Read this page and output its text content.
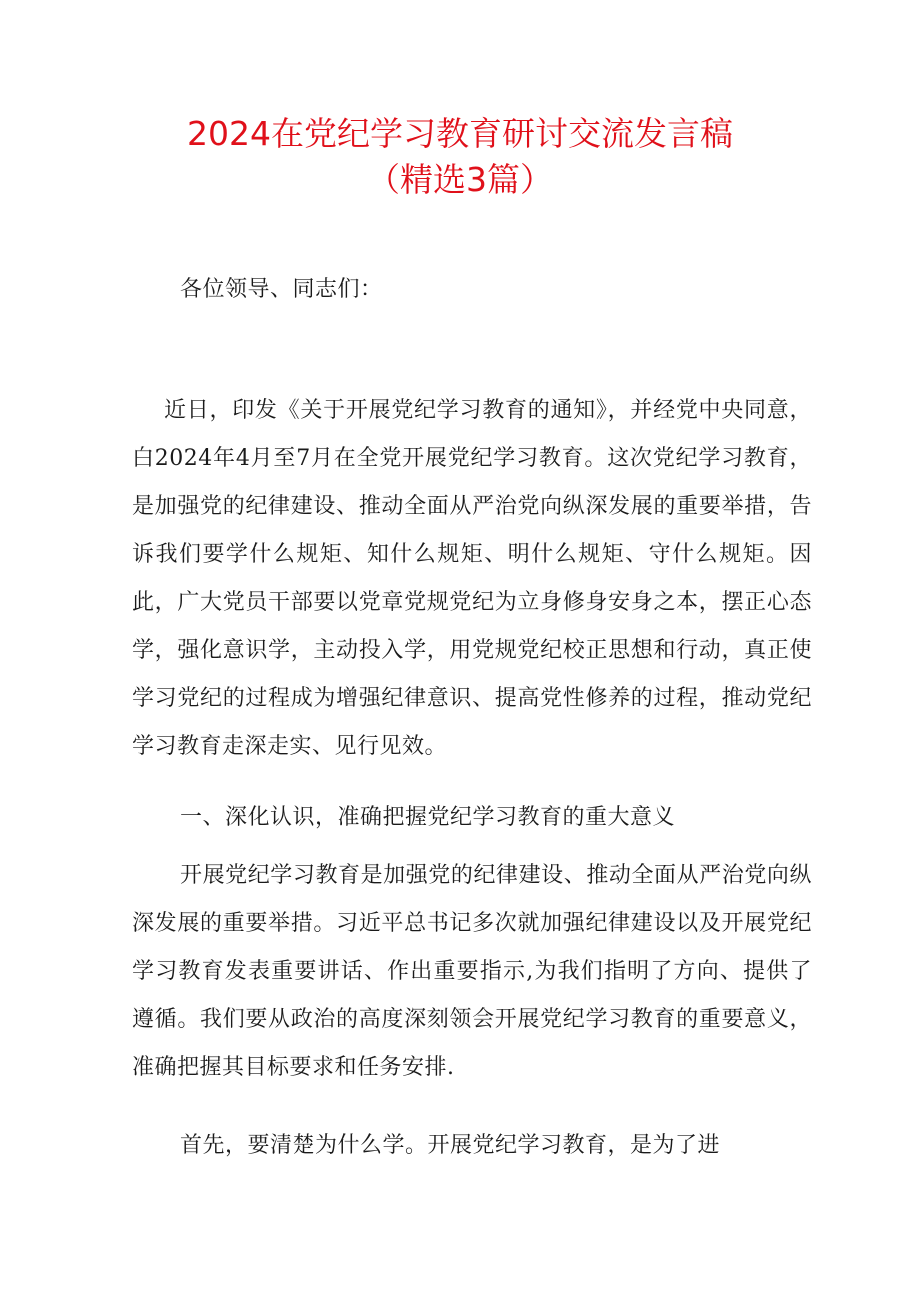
2024在党纪学习教育研讨交流发言稿
（精选3篇）

各位领导、同志们：

近日，印发《关于开展党纪学习教育的通知》，并经党中央同意，白2024年4月至7月在全党开展党纪学习教育。这次党纪学习教育，是加强党的纪律建设、推动全面从严治党向纵深发展的重要举措，告诉我们要学什么规矩、知什么规矩、明什么规矩、守什么规矩。因此，广大党员干部要以党章党规党纪为立身修身安身之本，摆正心态学，强化意识学，主动投入学，用党规党纪校正思想和行动，真正使学习党纪的过程成为增强纪律意识、提高党性修养的过程，推动党纪学习教育走深走实、见行见效。

一、深化认识，准确把握党纪学习教育的重大意义

开展党纪学习教育是加强党的纪律建设、推动全面从严治党向纵深发展的重要举措。习近平总书记多次就加强纪律建设以及开展党纪学习教育发表重要讲话、作出重要指示,为我们指明了方向、提供了遵循。我们要从政治的高度深刻领会开展党纪学习教育的重要意义，准确把握其目标要求和任务安排.

首先，要清楚为什么学。开展党纪学习教育，是为了进
